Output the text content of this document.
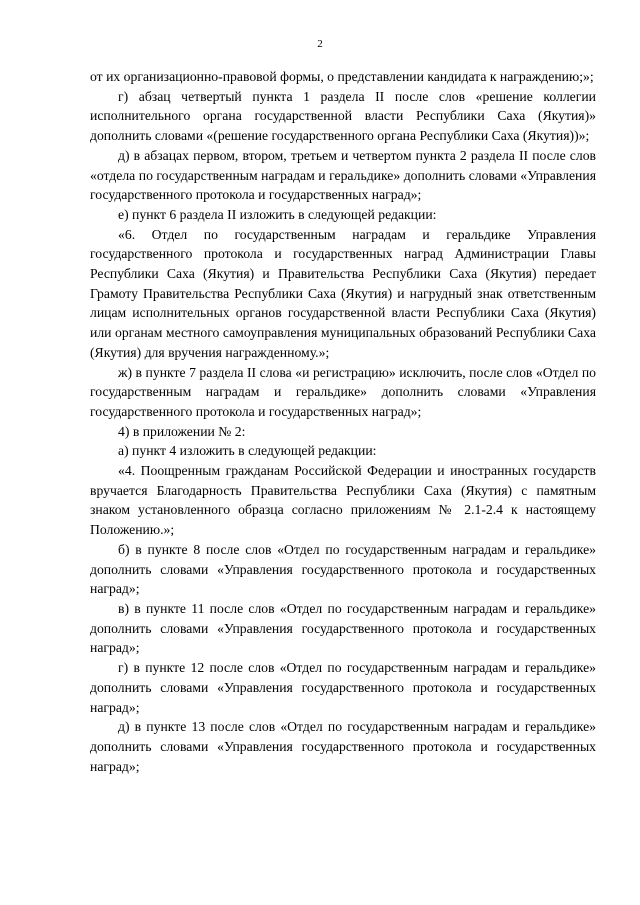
2

от их организационно-правовой формы, о представлении кандидата к награждению;»;

г) абзац четвертый пункта 1 раздела II после слов «решение коллегии исполнительного органа государственной власти Республики Саха (Якутия)» дополнить словами «(решение государственного органа Республики Саха (Якутия))»;

д) в абзацах первом, втором, третьем и четвертом пункта 2 раздела II после слов «отдела по государственным наградам и геральдике» дополнить словами «Управления государственного протокола и государственных наград»;

е) пункт 6 раздела II изложить в следующей редакции:

«6. Отдел по государственным наградам и геральдике Управления государственного протокола и государственных наград Администрации Главы Республики Саха (Якутия) и Правительства Республики Саха (Якутия) передает Грамоту Правительства Республики Саха (Якутия) и нагрудный знак ответственным лицам исполнительных органов государственной власти Республики Саха (Якутия) или органам местного самоуправления муниципальных образований Республики Саха (Якутия) для вручения награжденному.»;

ж) в пункте 7 раздела II слова «и регистрацию» исключить, после слов «Отдел по государственным наградам и геральдике» дополнить словами «Управления государственного протокола и государственных наград»;

4) в приложении № 2:

а) пункт 4 изложить в следующей редакции:

«4. Поощренным гражданам Российской Федерации и иностранных государств вручается Благодарность Правительства Республики Саха (Якутия) с памятным знаком установленного образца согласно приложениям № 2.1-2.4 к настоящему Положению.»;

б) в пункте 8 после слов «Отдел по государственным наградам и геральдике» дополнить словами «Управления государственного протокола и государственных наград»;

в) в пункте 11 после слов «Отдел по государственным наградам и геральдике» дополнить словами «Управления государственного протокола и государственных наград»;

г) в пункте 12 после слов «Отдел по государственным наградам и геральдике» дополнить словами «Управления государственного протокола и государственных наград»;

д) в пункте 13 после слов «Отдел по государственным наградам и геральдике» дополнить словами «Управления государственного протокола и государственных наград»;
